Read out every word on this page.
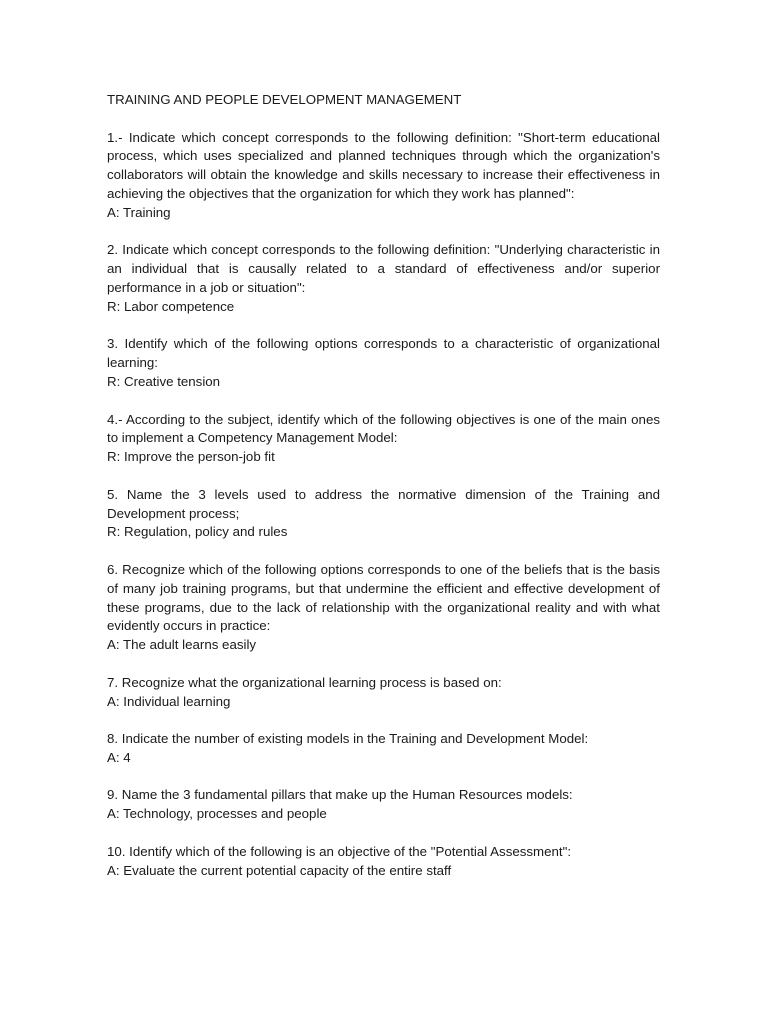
TRAINING AND PEOPLE DEVELOPMENT MANAGEMENT

1.- Indicate which concept corresponds to the following definition: "Short-term educational process, which uses specialized and planned techniques through which the organization's collaborators will obtain the knowledge and skills necessary to increase their effectiveness in achieving the objectives that the organization for which they work has planned":

A: Training

2. Indicate which concept corresponds to the following definition: "Underlying characteristic in an individual that is causally related to a standard of effectiveness and/or superior performance in a job or situation":

R: Labor competence

3. Identify which of the following options corresponds to a characteristic of organizational learning:

R: Creative tension

4.- According to the subject, identify which of the following objectives is one of the main ones to implement a Competency Management Model:

R: Improve the person-job fit

5. Name the 3 levels used to address the normative dimension of the Training and Development process;

R: Regulation, policy and rules

6. Recognize which of the following options corresponds to one of the beliefs that is the basis of many job training programs, but that undermine the efficient and effective development of these programs, due to the lack of relationship with the organizational reality and with what evidently occurs in practice:

A: The adult learns easily

7. Recognize what the organizational learning process is based on:

A: Individual learning

8. Indicate the number of existing models in the Training and Development Model:

A: 4

9. Name the 3 fundamental pillars that make up the Human Resources models:

A: Technology, processes and people

10. Identify which of the following is an objective of the "Potential Assessment":

A: Evaluate the current potential capacity of the entire staff
